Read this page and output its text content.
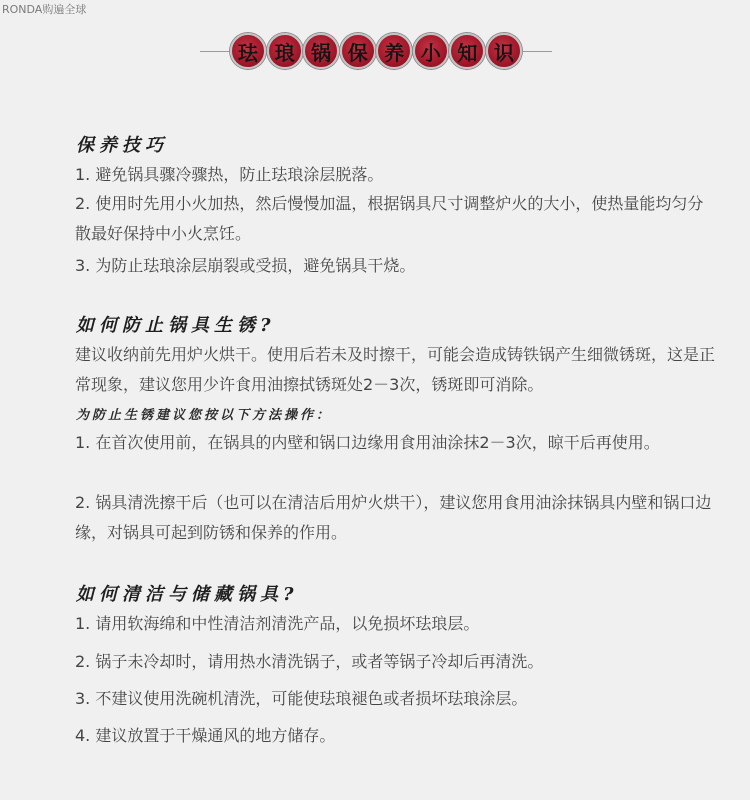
RONDA购遍全球
珐 琅 锅 保 养 小 知 识
保养技巧
1. 避免锅具骤冷骤热，防止珐琅涂层脱落。
2. 使用时先用小火加热，然后慢慢加温，根据锅具尺寸调整炉火的大小，使热量能均匀分散最好保持中小火烹饪。
3. 为防止珐琅涂层崩裂或受损，避免锅具干烧。
如何防止锅具生锈?
建议收纳前先用炉火烘干。使用后若未及时擦干，可能会造成铸铁锅产生细微锈斑，这是正常现象，建议您用少许食用油擦拭锈斑处2－3次，锈斑即可消除。
为防止生锈建议您按以下方法操作：
1. 在首次使用前，在锅具的内壁和锅口边缘用食用油涂抹2－3次，晾干后再使用。
2. 锅具清洗擦干后（也可以在清洁后用炉火烘干），建议您用食用油涂抹锅具内壁和锅口边缘，对锅具可起到防锈和保养的作用。
如何清洁与储藏锅具?
1. 请用软海绵和中性清洁剂清洗产品，以免损坏珐琅层。
2. 锅子未冷却时，请用热水清洗锅子，或者等锅子冷却后再清洗。
3. 不建议使用洗碗机清洗，可能使珐琅褪色或者损坏珐琅涂层。
4. 建议放置于干燥通风的地方储存。
